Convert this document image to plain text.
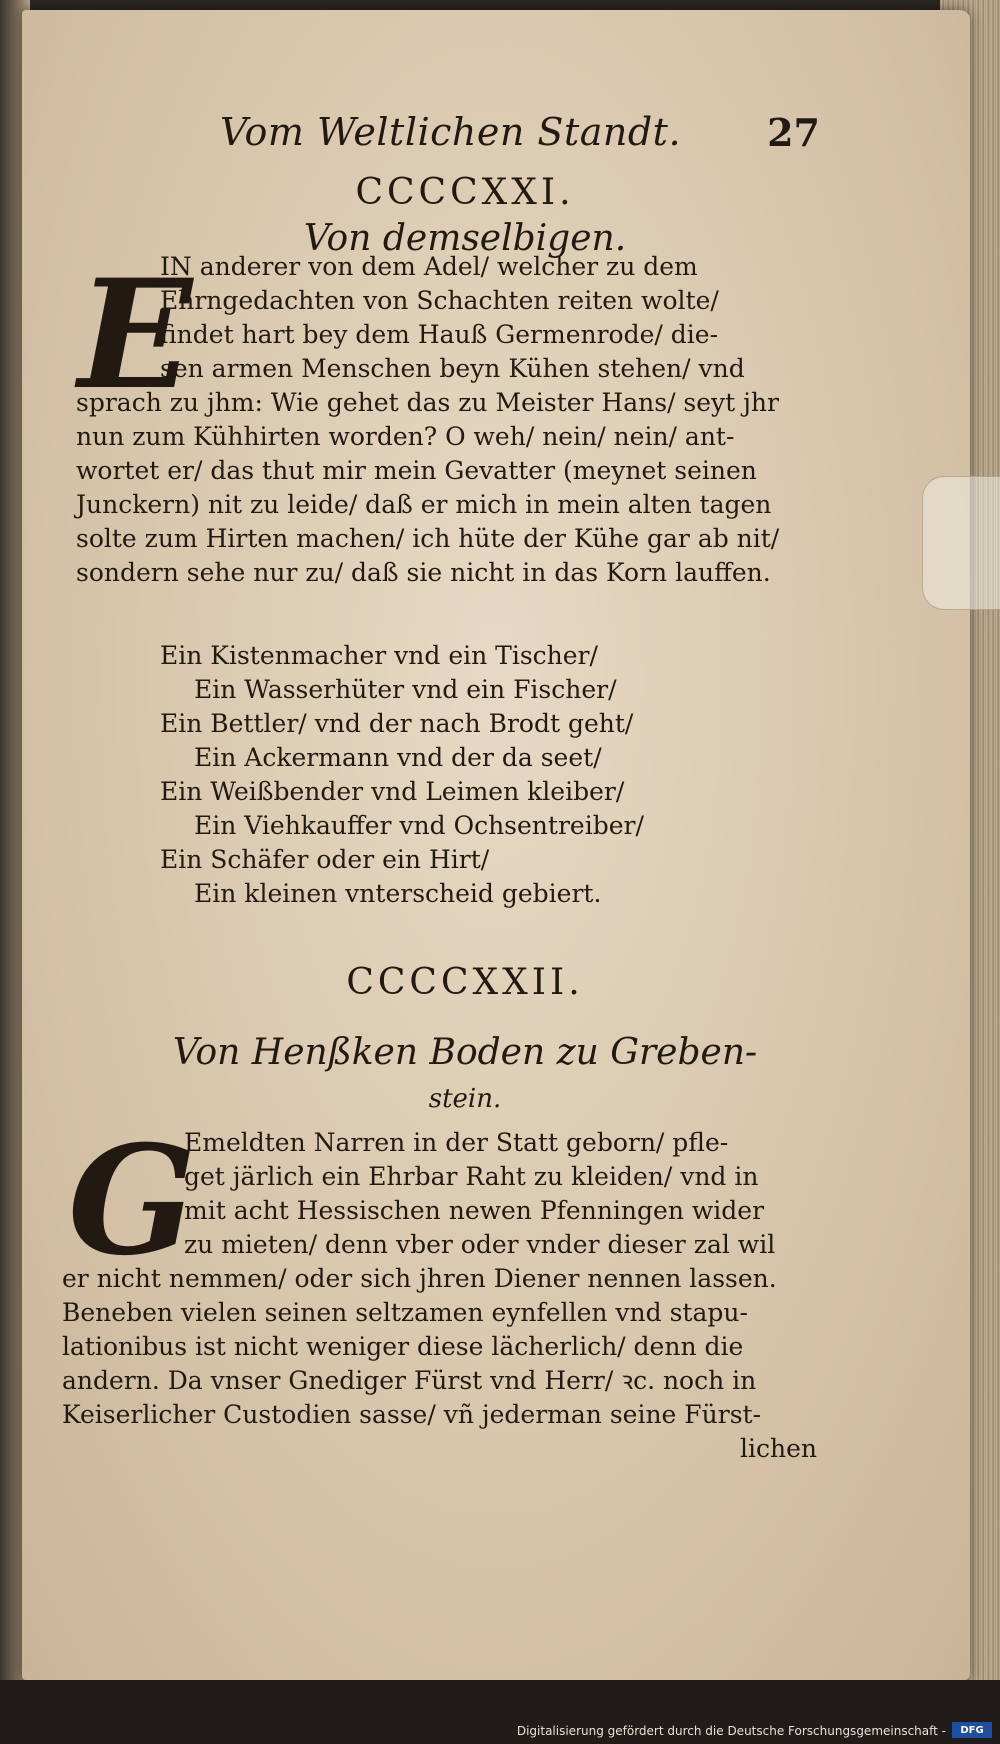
Vom Weltlichen Standt. 27
CCCCXXI.
Von demselbigen.
E
IN anderer von dem Adel/ welcher zu dem
Ehrngedachten von Schachten reiten wolte/
findet hart bey dem Hauß Germenrode/ die-
sen armen Menschen beyn Kühen stehen/ vnd
sprach zu jhm: Wie gehet das zu Meister Hans/ seyt jhr
nun zum Kühhirten worden? O weh/ nein/ nein/ ant-
wortet er/ das thut mir mein Gevatter (meynet seinen
Junckern) nit zu leide/ daß er mich in mein alten tagen
solte zum Hirten machen/ ich hüte der Kühe gar ab nit/
sondern sehe nur zu/ daß sie nicht in das Korn lauffen.
Ein Kistenmacher vnd ein Tischer/
Ein Wasserhüter vnd ein Fischer/
Ein Bettler/ vnd der nach Brodt geht/
Ein Ackermann vnd der da seet/
Ein Weißbender vnd Leimen kleiber/
Ein Viehkauffer vnd Ochsentreiber/
Ein Schäfer oder ein Hirt/
Ein kleinen vnterscheid gebiert.
CCCCXXII.
Von Henßken Boden zu Greben-
stein.
G
Emeldten Narren in der Statt geborn/ pfle-
get järlich ein Ehrbar Raht zu kleiden/ vnd in
mit acht Hessischen newen Pfenningen wider
zu mieten/ denn vber oder vnder dieser zal wil
er nicht nemmen/ oder sich jhren Diener nennen lassen.
Beneben vielen seinen seltzamen eynfellen vnd stapu-
lationibus ist nicht weniger diese lächerlich/ denn die
andern. Da vnser Gnediger Fürst vnd Herr/ ꝛc. noch in
Keiserlicher Custodien sasse/ vñ jederman seine Fürst-
lichen
Digitalisierung gefördert durch die Deutsche Forschungsgemeinschaft -	DFG
